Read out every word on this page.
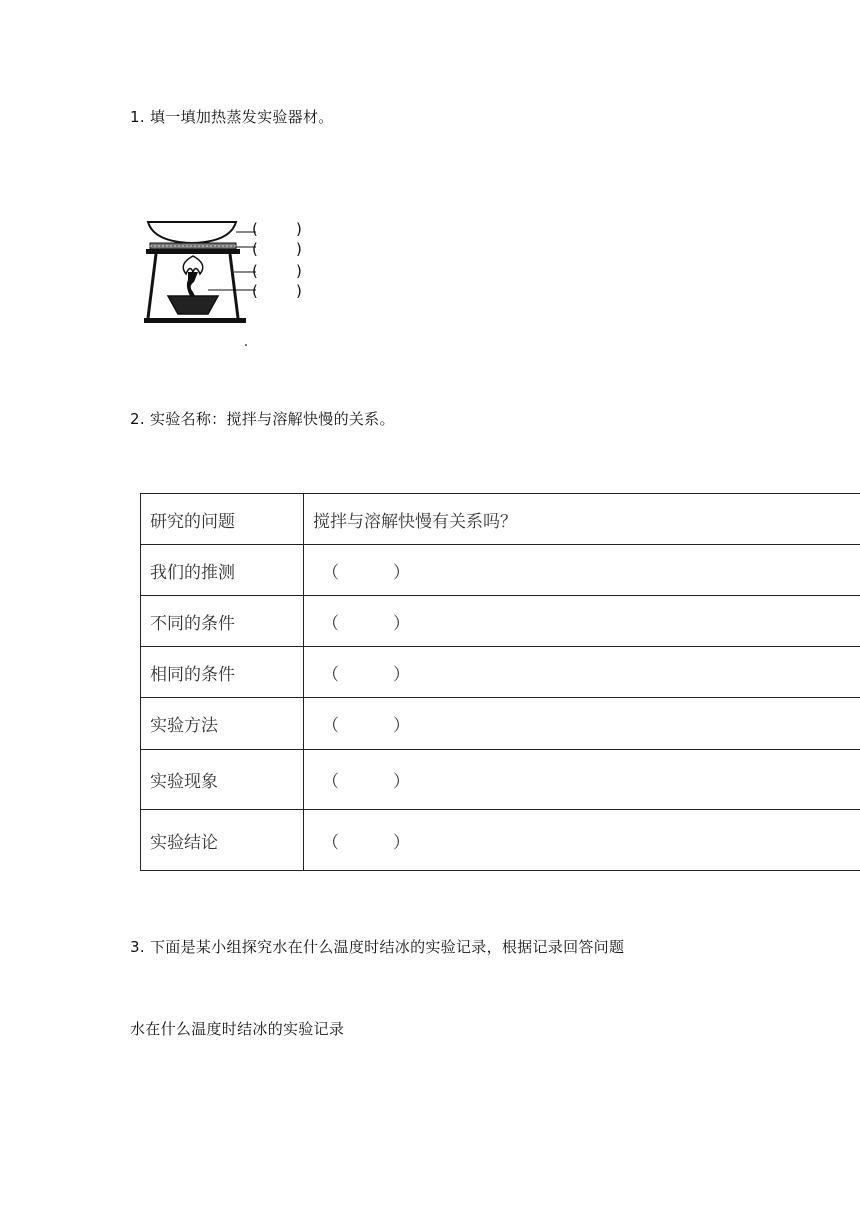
1. 填一填加热蒸发实验器材。
(        )
(        )
(        )
(        )
2. 实验名称：搅拌与溶解快慢的关系。
研究的问题	搅拌与溶解快慢有关系吗？
我们的推测	（          ）
不同的条件	（          ）
相同的条件	（          ）
实验方法	（          ）
实验现象	（          ）
实验结论	（          ）
3. 下面是某小组探究水在什么温度时结冰的实验记录，根据记录回答问题
水在什么温度时结冰的实验记录
